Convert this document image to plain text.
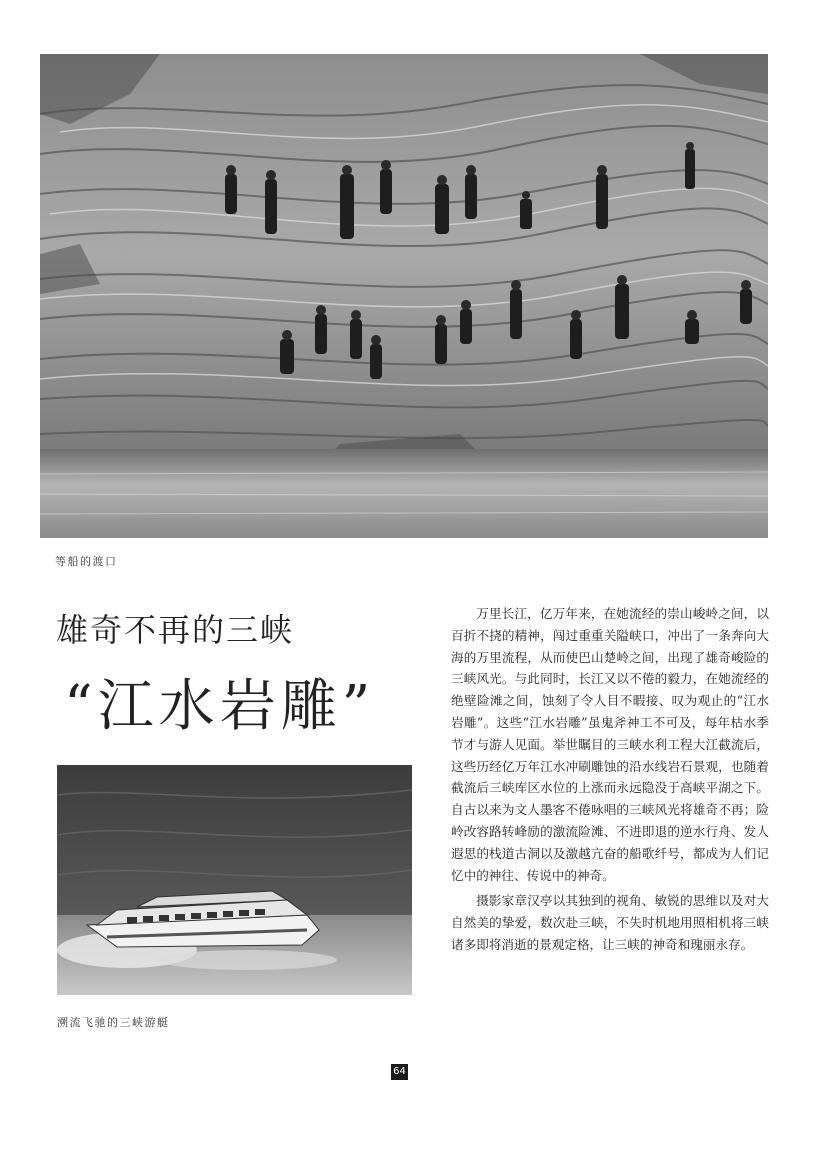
等船的渡口
雄奇不再的三峡
“江水岩雕”
溯流飞驰的三峡游艇

万里长江，亿万年来，在她流经的崇山峻岭之间，以百折不挠的精神，闯过重重关隘峡口，冲出了一条奔向大海的万里流程，从而使巴山楚岭之间，出现了雄奇峻险的三峡风光。与此同时，长江又以不倦的毅力，在她流经的绝壁险滩之间，蚀刻了令人目不暇接、叹为观止的“江水岩雕”。这些“江水岩雕”虽鬼斧神工不可及，每年枯水季节才与游人见面。举世瞩目的三峡水利工程大江截流后，这些历经亿万年江水冲刷雕蚀的沿水线岩石景观，也随着截流后三峡库区水位的上涨而永远隐没于高峡平湖之下。自古以来为文人墨客不倦咏唱的三峡风光将雄奇不再；险岭改容路转峰励的激流险滩、不进即退的逆水行舟、发人遐思的栈道古洞以及激越亢奋的船歌纤号，都成为人们记忆中的神往、传说中的神奇。

摄影家章汉亭以其独到的视角、敏锐的思维以及对大自然美的挚爱，数次赴三峡，不失时机地用照相机将三峡诸多即将消逝的景观定格，让三峡的神奇和瑰丽永存。

64
